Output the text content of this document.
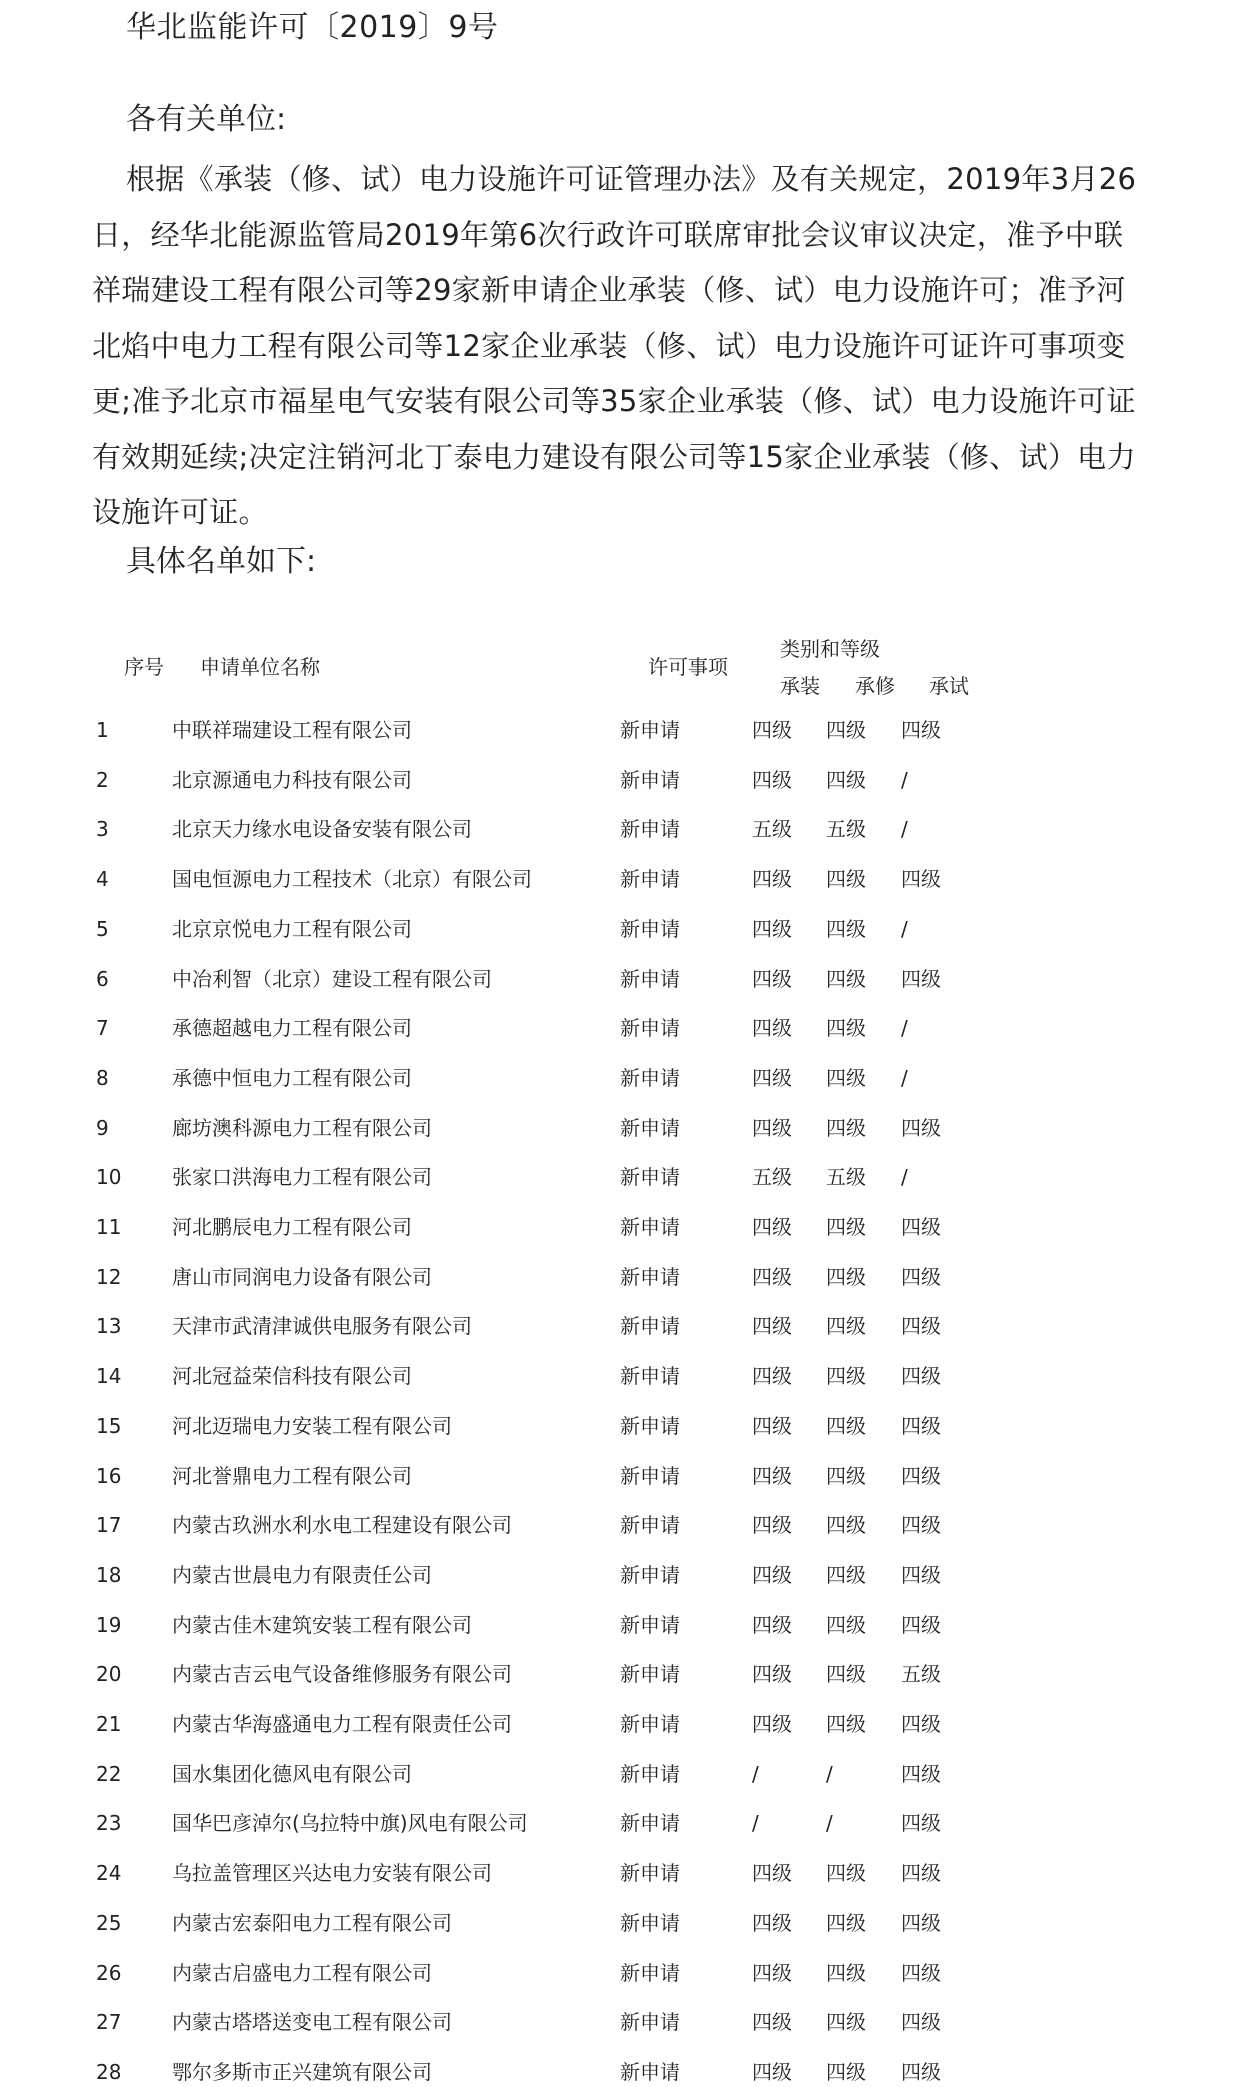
华北监能许可〔2019〕9号
各有关单位:

根据《承装（修、试）电力设施许可证管理办法》及有关规定，2019年3月26日，经华北能源监管局2019年第6次行政许可联席审批会议审议决定，准予中联祥瑞建设工程有限公司等29家新申请企业承装（修、试）电力设施许可；准予河北焰中电力工程有限公司等12家企业承装（修、试）电力设施许可证许可事项变更;准予北京市福星电气安装有限公司等35家企业承装（修、试）电力设施许可证有效期延续;决定注销河北丁泰电力建设有限公司等15家企业承装（修、试）电力设施许可证。

具体名单如下:
序号 申请单位名称	许可事项
类别和等级
承装 承修 承试
1	中联祥瑞建设工程有限公司	新申请	四级 四级 四级
2	北京源通电力科技有限公司	新申请	四级 四级 /
3	北京天力缘水电设备安装有限公司	新申请	五级 五级 /
4	国电恒源电力工程技术（北京）有限公司	新申请	四级 四级 四级
5	北京京悦电力工程有限公司	新申请	四级 四级 /
6	中冶利智（北京）建设工程有限公司	新申请	四级 四级 四级
7	承德超越电力工程有限公司	新申请	四级 四级 /
8	承德中恒电力工程有限公司	新申请	四级 四级 /
9	廊坊澳科源电力工程有限公司	新申请	四级 四级 四级
10	张家口洪海电力工程有限公司	新申请	五级 五级 /
11	河北鹏辰电力工程有限公司	新申请	四级 四级 四级
12	唐山市同润电力设备有限公司	新申请	四级 四级 四级
13	天津市武清津诚供电服务有限公司	新申请	四级 四级 四级
14	河北冠益荣信科技有限公司	新申请	四级 四级 四级
15	河北迈瑞电力安装工程有限公司	新申请	四级 四级 四级
16	河北誉鼎电力工程有限公司	新申请	四级 四级 四级
17	内蒙古玖洲水利水电工程建设有限公司	新申请	四级 四级 四级
18	内蒙古世晨电力有限责任公司	新申请	四级 四级 四级
19	内蒙古佳木建筑安装工程有限公司	新申请	四级 四级 四级
20	内蒙古吉云电气设备维修服务有限公司	新申请	四级 四级 五级
21	内蒙古华海盛通电力工程有限责任公司	新申请	四级 四级 四级
22	国水集团化德风电有限公司	新申请	/	/	四级
23	国华巴彦淖尔(乌拉特中旗)风电有限公司	新申请	/	/	四级
24	乌拉盖管理区兴达电力安装有限公司	新申请	四级 四级 四级
25	内蒙古宏泰阳电力工程有限公司	新申请	四级 四级 四级
26	内蒙古启盛电力工程有限公司	新申请	四级 四级 四级
27	内蒙古塔塔送变电工程有限公司	新申请	四级 四级 四级
28	鄂尔多斯市正兴建筑有限公司	新申请	四级 四级 四级
